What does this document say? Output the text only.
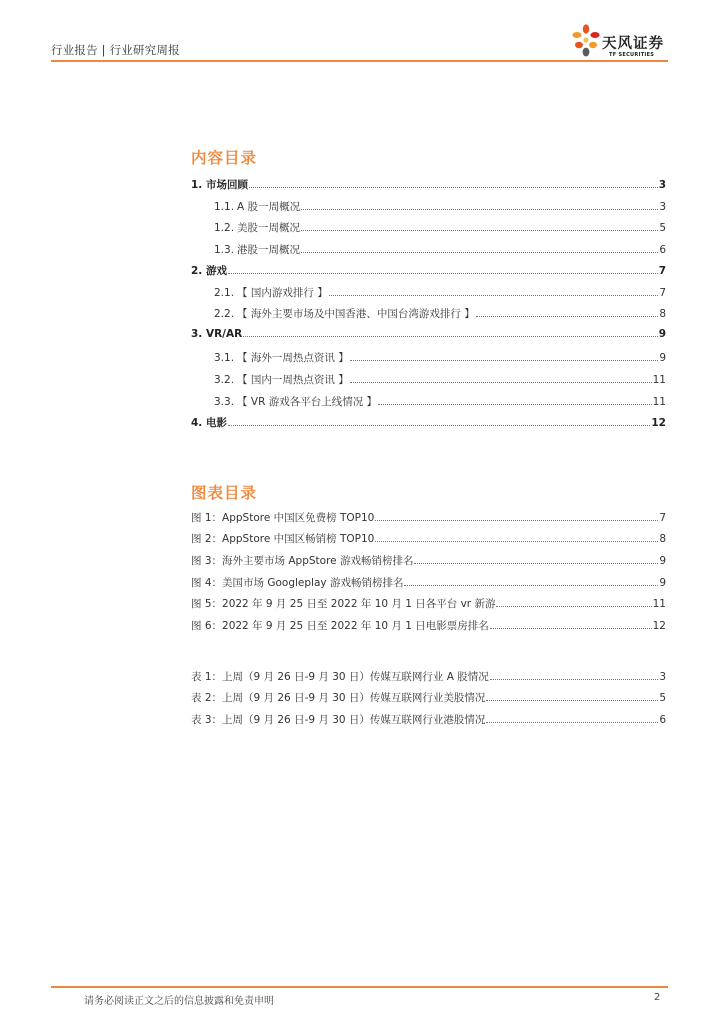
行业报告 | 行业研究周报	天风证券
TF SECURITIES
内容目录
1. 市场回顾	3
1.1. A 股一周概况	3
1.2. 美股一周概况	5
1.3. 港股一周概况	6
2. 游戏	7
2.1. 【 国内游戏排行 】	7
2.2. 【 海外主要市场及中国香港、中国台湾游戏排行 】	8
3. VR/AR	9
3.1. 【 海外一周热点资讯 】	9
3.2. 【 国内一周热点资讯 】	11
3.3. 【 VR 游戏各平台上线情况 】	11
4. 电影	12
图表目录
图 1：AppStore 中国区免费榜 TOP10	7
图 2：AppStore 中国区畅销榜 TOP10	8
图 3：海外主要市场 AppStore 游戏畅销榜排名	9
图 4：美国市场 Googleplay 游戏畅销榜排名	9
图 5：2022 年 9 月 25 日至 2022 年 10 月 1 日各平台 vr 新游	11
图 6：2022 年 9 月 25 日至 2022 年 10 月 1 日电影票房排名	12
表 1：上周（9 月 26 日-9 月 30 日）传媒互联网行业 A 股情况	3
表 2：上周（9 月 26 日-9 月 30 日）传媒互联网行业美股情况	5
表 3：上周（9 月 26 日-9 月 30 日）传媒互联网行业港股情况	6
请务必阅读正文之后的信息披露和免责申明	2
